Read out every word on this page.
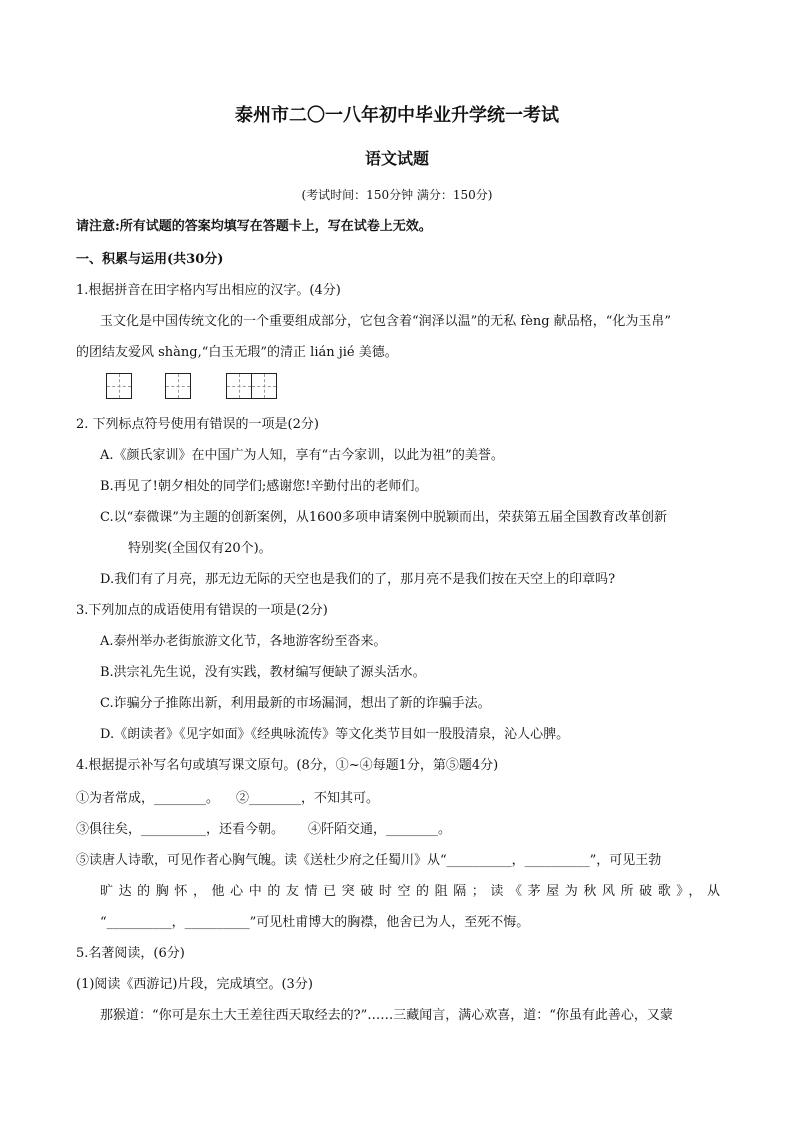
泰州市二〇一八年初中毕业升学统一考试
语文试题
(考试时间：150分钟 满分：150分)
请注意:所有试题的答案均填写在答题卡上，写在试卷上无效。
一、积累与运用(共30分)
1.根据拼音在田字格内写出相应的汉字。(4分)
玉文化是中国传统文化的一个重要组成部分，它包含着“润泽以温”的无私 fèng 献品格，“化为玉帛”
的团结友爱风 shàng,“白玉无瑕”的清正 lián jié 美德。
2. 下列标点符号使用有错误的一项是(2分)
A.《颜氏家训》在中国广为人知，享有“古今家训，以此为祖”的美誉。
B.再见了!朝夕相处的同学们;感谢您!辛勤付出的老师们。
C.以“泰微课”为主题的创新案例，从1600多项申请案例中脱颖而出，荣获第五届全国教育改革创新
特别奖(全国仅有20个)。
D.我们有了月亮，那无边无际的天空也是我们的了，那月亮不是我们按在天空上的印章吗?
3.下列加点的成语使用有错误的一项是(2分)
A.泰州举办老街旅游文化节，各地游客纷至沓来。
B.洪宗礼先生说，没有实践，教材编写便缺了源头活水。
C.诈骗分子推陈出新，利用最新的市场漏洞，想出了新的诈骗手法。
D.《朗读者》《见字如面》《经典咏流传》等文化类节目如一股股清泉，沁人心脾。
4.根据提示补写名句或填写课文原句。(8分，①~④每题1分，第⑤题4分)
①为者常成，________。 ②________，不知其可。
③俱往矣，__________，还看今朝。 ④阡陌交通，________。
⑤读唐人诗歌，可见作者心胸气魄。读《送杜少府之任蜀川》从“__________，__________”，可见王勃
旷达的胸怀，他心中的友情已突破时空的阻隔；读《茅屋为秋风所破歌》，从
“__________，__________”可见杜甫博大的胸襟，他舍已为人，至死不悔。
5.名著阅读，(6分)
(1)阅读《西游记)片段，完成填空。(3分)
那猴道：“你可是东土大王差往西天取经去的?”……三藏闻言，满心欢喜，道：“你虽有此善心，又蒙
